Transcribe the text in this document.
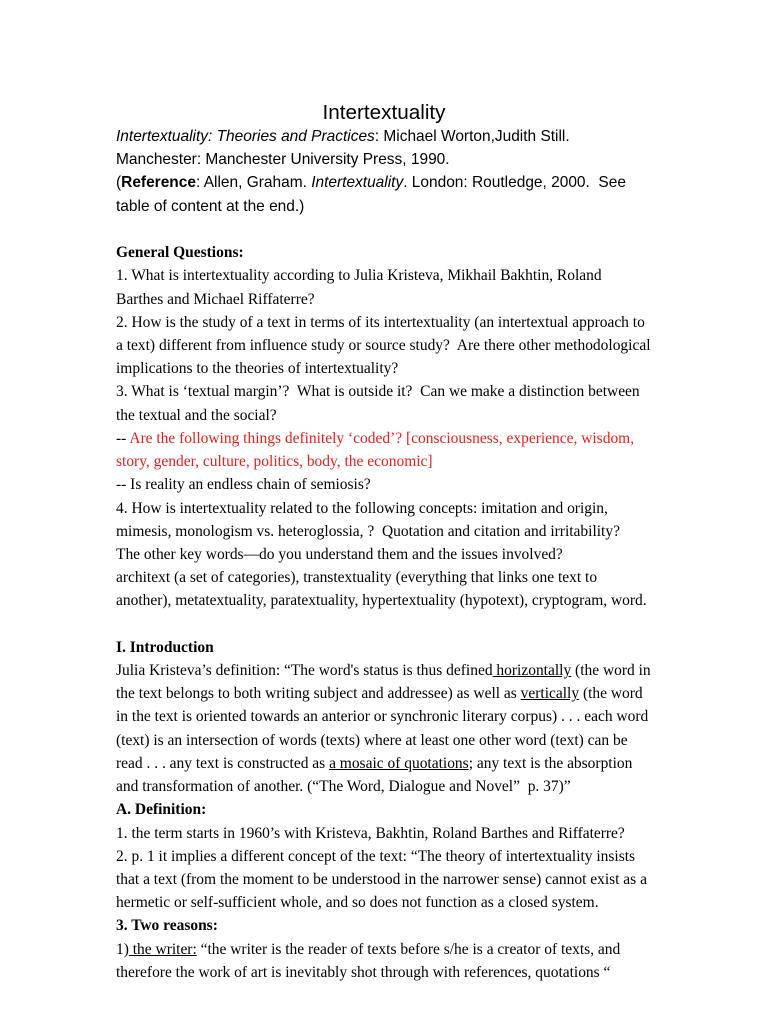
Intertextuality
Intertextuality: Theories and Practices: Michael Worton,Judith Still.
Manchester: Manchester University Press, 1990.
(Reference: Allen, Graham. Intertextuality. London: Routledge, 2000.  See
table of content at the end.)
General Questions:
1. What is intertextuality according to Julia Kristeva, Mikhail Bakhtin, Roland
Barthes and Michael Riffaterre?
2. How is the study of a text in terms of its intertextuality (an intertextual approach to
a text) different from influence study or source study?  Are there other methodological
implications to the theories of intertextuality?
3. What is ‘textual margin’?  What is outside it?  Can we make a distinction between
the textual and the social?
-- Are the following things definitely ‘coded’? [consciousness, experience, wisdom,
story, gender, culture, politics, body, the economic]
-- Is reality an endless chain of semiosis?
4. How is intertextuality related to the following concepts: imitation and origin,
mimesis, monologism vs. heteroglossia, ?  Quotation and citation and irritability?
The other key words—do you understand them and the issues involved?
architext (a set of categories), transtextuality (everything that links one text to
another), metatextuality, paratextuality, hypertextuality (hypotext), cryptogram, word.
I. Introduction
Julia Kristeva’s definition: “The word's status is thus defined horizontally (the word in
the text belongs to both writing subject and addressee) as well as vertically (the word
in the text is oriented towards an anterior or synchronic literary corpus) . . . each word
(text) is an intersection of words (texts) where at least one other word (text) can be
read . . . any text is constructed as a mosaic of quotations; any text is the absorption
and transformation of another. (“The Word, Dialogue and Novel”  p. 37)”
A. Definition:
1. the term starts in 1960’s with Kristeva, Bakhtin, Roland Barthes and Riffaterre?
2. p. 1 it implies a different concept of the text: “The theory of intertextuality insists
that a text (from the moment to be understood in the narrower sense) cannot exist as a
hermetic or self-sufficient whole, and so does not function as a closed system.
3. Two reasons:
1) the writer: “the writer is the reader of texts before s/he is a creator of texts, and
therefore the work of art is inevitably shot through with references, quotations “
